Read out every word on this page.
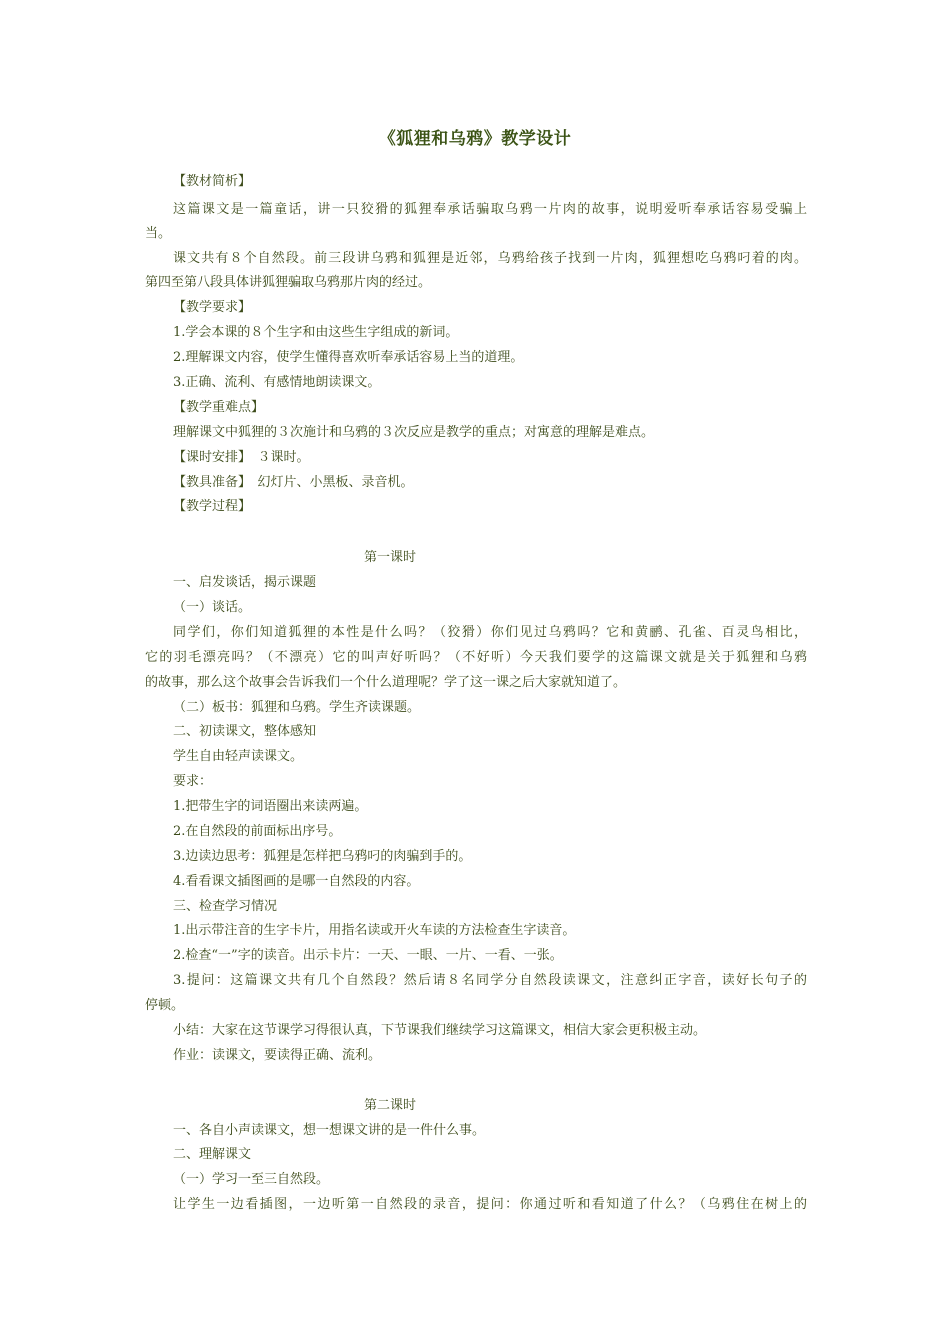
《狐狸和乌鸦》教学设计
【教材简析】
这篇课文是一篇童话，讲一只狡猾的狐狸奉承话骗取乌鸦一片肉的故事，说明爱听奉承话容易受骗上
当。
课文共有８个自然段。前三段讲乌鸦和狐狸是近邻，乌鸦给孩子找到一片肉，狐狸想吃乌鸦叼着的肉。
第四至第八段具体讲狐狸骗取乌鸦那片肉的经过。
【教学要求】
1.学会本课的８个生字和由这些生字组成的新词。
2.理解课文内容，使学生懂得喜欢听奉承话容易上当的道理。
3.正确、流利、有感情地朗读课文。
【教学重难点】
理解课文中狐狸的３次施计和乌鸦的３次反应是教学的重点；对寓意的理解是难点。
【课时安排】　３课时。
【教具准备】　幻灯片、小黑板、录音机。
【教学过程】
第一课时
一、启发谈话，揭示课题
（一）谈话。
同学们，你们知道狐狸的本性是什么吗？（狡猾）你们见过乌鸦吗？它和黄鹂、孔雀、百灵鸟相比，
它的羽毛漂亮吗？（不漂亮）它的叫声好听吗？（不好听）今天我们要学的这篇课文就是关于狐狸和乌鸦
的故事，那么这个故事会告诉我们一个什么道理呢？学了这一课之后大家就知道了。
（二）板书：狐狸和乌鸦。学生齐读课题。
二、初读课文，整体感知
学生自由轻声读课文。
要求：
1.把带生字的词语圈出来读两遍。
2.在自然段的前面标出序号。
3.边读边思考：狐狸是怎样把乌鸦叼的肉骗到手的。
4.看看课文插图画的是哪一自然段的内容。
三、检查学习情况
1.出示带注音的生字卡片，用指名读或开火车读的方法检查生字读音。
2.检查“一”字的读音。出示卡片：一天、一眼、一片、一看、一张。
3.提问：这篇课文共有几个自然段？然后请８名同学分自然段读课文，注意纠正字音，读好长句子的
停顿。
小结：大家在这节课学习得很认真，下节课我们继续学习这篇课文，相信大家会更积极主动。
作业：读课文，要读得正确、流利。
第二课时
一、各自小声读课文，想一想课文讲的是一件什么事。
二、理解课文
（一）学习一至三自然段。
让学生一边看插图，一边听第一自然段的录音，提问：你通过听和看知道了什么？（乌鸦住在树上的
